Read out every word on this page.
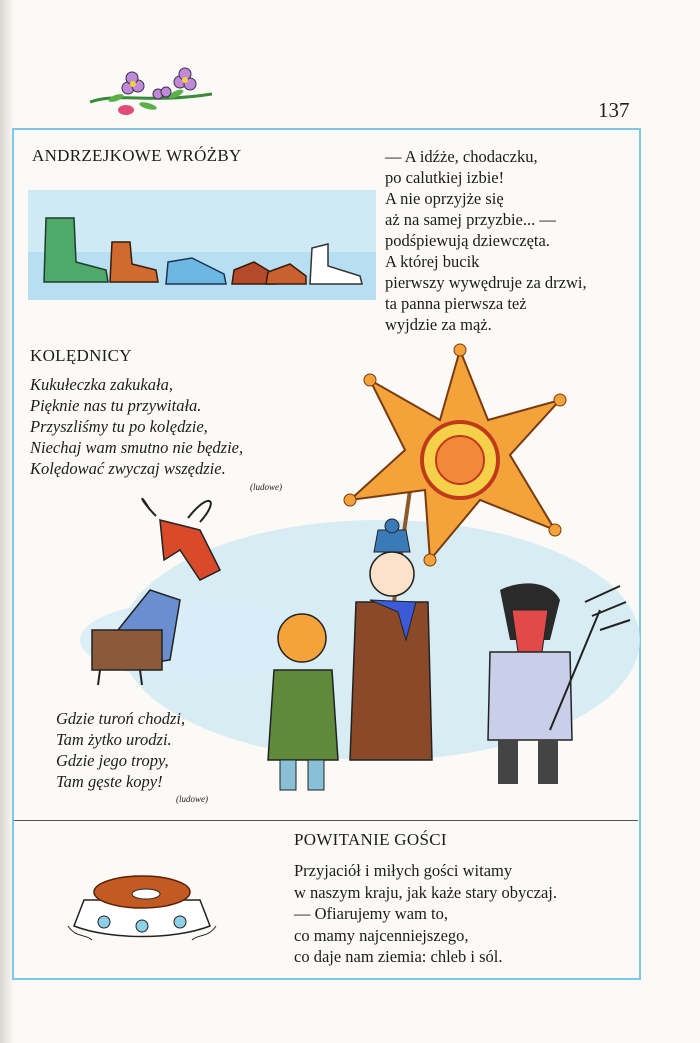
137
ANDRZEJKOWE WRÓŻBY	— A idźże, chodaczku,
po calutkiej izbie!
A nie oprzyjże się
aż na samej przyzbie... —
podśpiewują dziewczęta.
A której bucik
pierwszy wywędruje za drzwi,
ta panna pierwsza też
wyjdzie za mąż.
KOLĘDNICY
Kukułeczka zakukała,
Pięknie nas tu przywitała.
Przyszliśmy tu po kolędzie,
Niechaj wam smutno nie będzie,
Kolędować zwyczaj wszędzie.
(ludowe)
Gdzie turoń chodzi,
Tam żytko urodzi.
Gdzie jego tropy,
Tam gęste kopy!
(ludowe)
POWITANIE GOŚCI
Przyjaciół i miłych gości witamy
w naszym kraju, jak każe stary obyczaj.
— Ofiarujemy wam to,
co mamy najcenniejszego,
co daje nam ziemia: chleb i sól.
